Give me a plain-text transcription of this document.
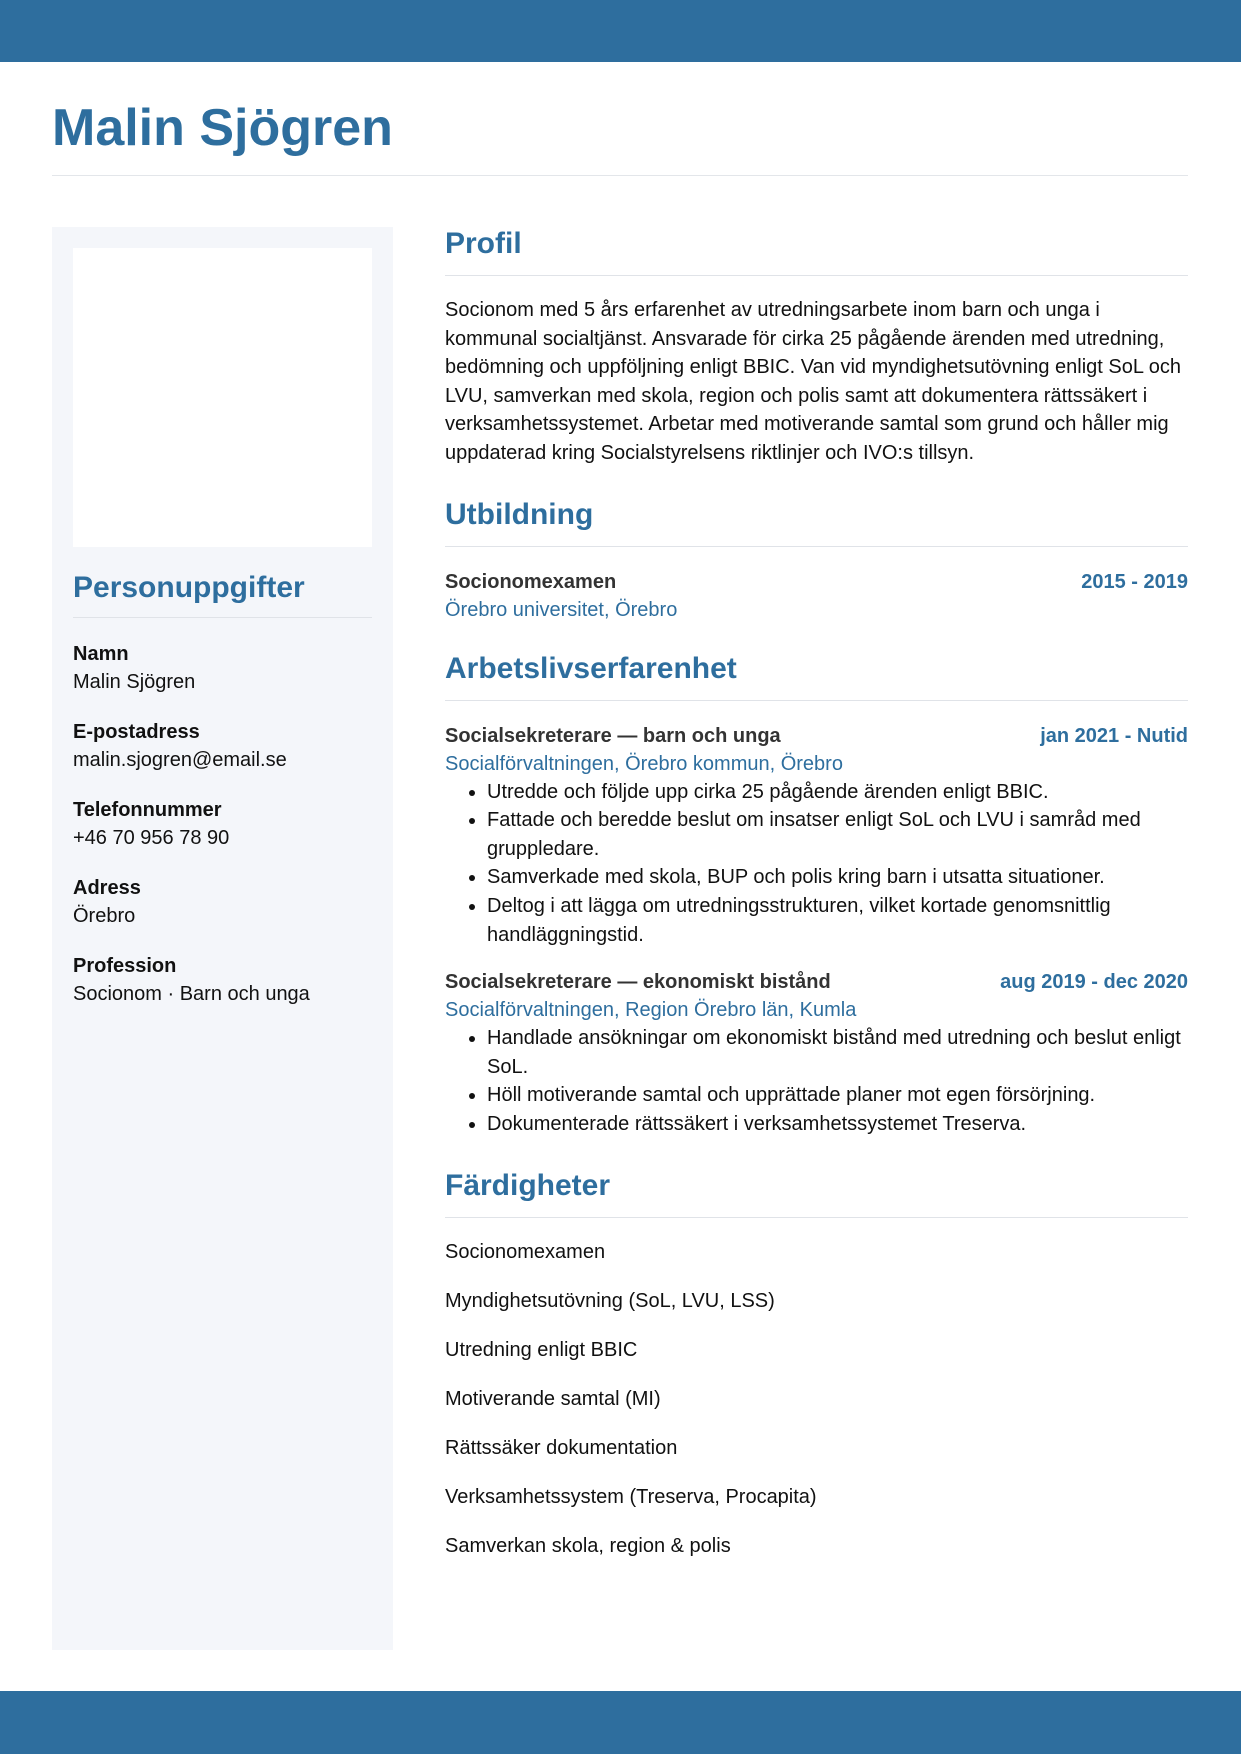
Malin Sjögren
Personuppgifter
Namn
Malin Sjögren
E-postadress
malin.sjogren@email.se
Telefonnummer
+46 70 956 78 90
Adress
Örebro
Profession
Socionom · Barn och unga
Profil

Socionom med 5 års erfarenhet av utredningsarbete inom barn och unga i kommunal socialtjänst. Ansvarade för cirka 25 pågående ärenden med utredning, bedömning och uppföljning enligt BBIC. Van vid myndighetsutövning enligt SoL och LVU, samverkan med skola, region och polis samt att dokumentera rättssäkert i verksamhetssystemet. Arbetar med motiverande samtal som grund och håller mig uppdaterad kring Socialstyrelsens riktlinjer och IVO:s tillsyn.

Utbildning
Socionomexamen	2015 - 2019
Örebro universitet, Örebro
Arbetslivserfarenhet
Socialsekreterare — barn och unga	jan 2021 - Nutid
Socialförvaltningen, Örebro kommun, Örebro
• Utredde och följde upp cirka 25 pågående ärenden enligt BBIC.
• Fattade och beredde beslut om insatser enligt SoL och LVU i samråd med gruppledare.
• Samverkade med skola, BUP och polis kring barn i utsatta situationer.
• Deltog i att lägga om utredningsstrukturen, vilket kortade genomsnittlig handläggningstid.
Socialsekreterare — ekonomiskt bistånd	aug 2019 - dec 2020
Socialförvaltningen, Region Örebro län, Kumla
• Handlade ansökningar om ekonomiskt bistånd med utredning och beslut enligt SoL.
• Höll motiverande samtal och upprättade planer mot egen försörjning.
• Dokumenterade rättssäkert i verksamhetssystemet Treserva.
Färdigheter
Socionomexamen
Myndighetsutövning (SoL, LVU, LSS)
Utredning enligt BBIC
Motiverande samtal (MI)
Rättssäker dokumentation
Verksamhetssystem (Treserva, Procapita)
Samverkan skola, region & polis
